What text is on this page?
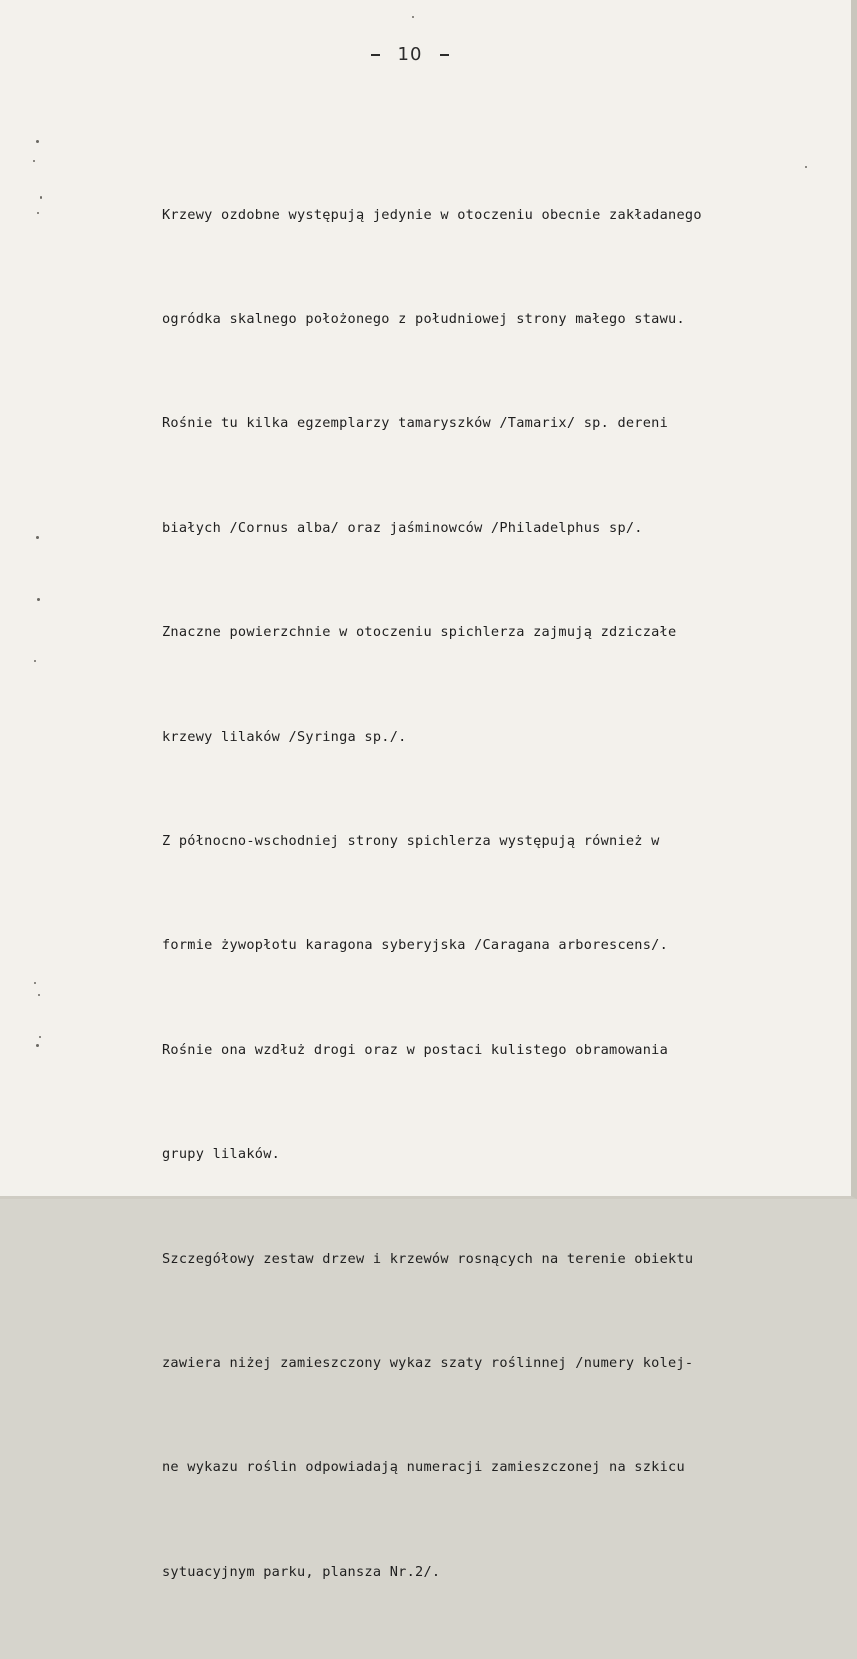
10

Krzewy ozdobne występują jedynie w otoczeniu obecnie zakładanego

ogródka skalnego położonego z południowej strony małego stawu.

Rośnie tu kilka egzemplarzy tamaryszków /Tamarix/ sp. dereni

białych /Cornus alba/ oraz jaśminowców /Philadelphus sp/.

Znaczne powierzchnie w otoczeniu spichlerza zajmują zdziczałe

krzewy lilaków /Syringa sp./.

Z północno-wschodniej strony spichlerza występują również w

formie żywopłotu karagona syberyjska /Caragana arborescens/.

Rośnie ona wzdłuż drogi oraz w postaci kulistego obramowania

grupy lilaków.

Szczegółowy zestaw drzew i krzewów rosnących na terenie obiektu

zawiera niżej zamieszczony wykaz szaty roślinnej /numery kolej-

ne wykazu roślin odpowiadają numeracji zamieszczonej na szkicu

sytuacyjnym parku, plansza Nr.2/.
